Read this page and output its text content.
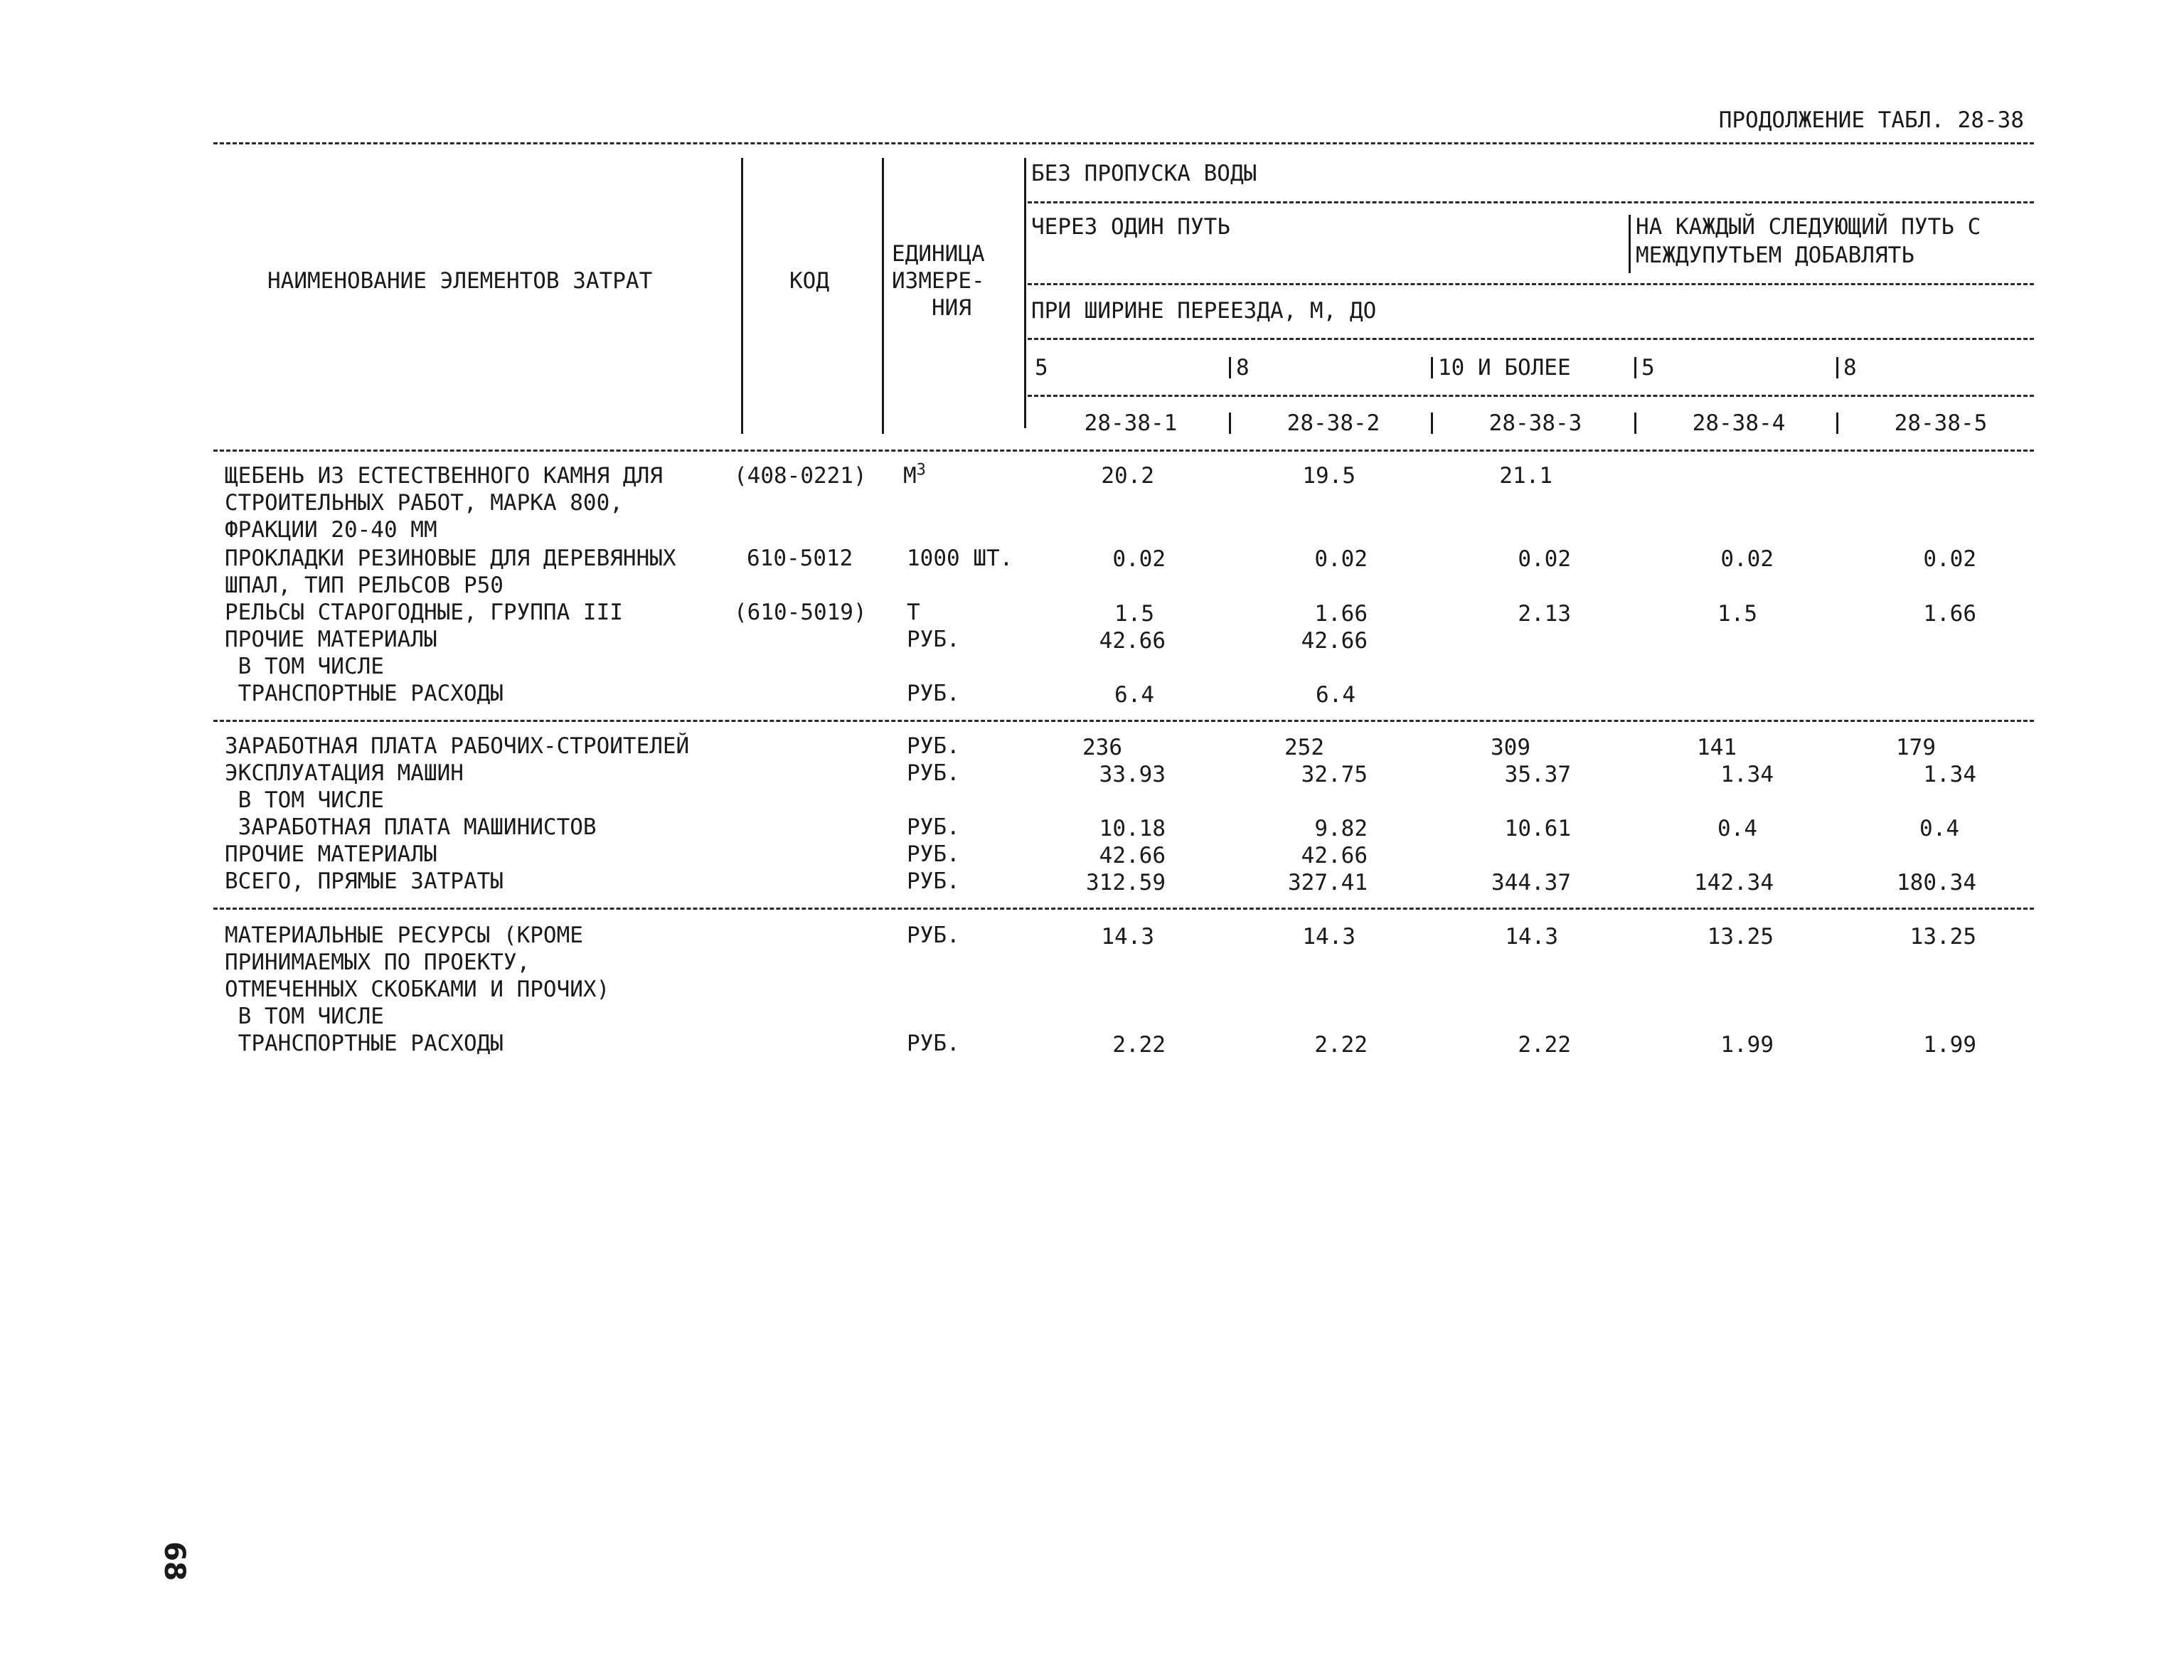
ПРОДОЛЖЕНИЕ ТАБЛ. 28-38
НАИМЕНОВАНИЕ ЭЛЕМЕНТОВ ЗАТРАТ	КОД
ЕДИНИЦА
ИЗМЕРЕ-
НИЯ
БЕЗ ПРОПУСКА ВОДЫ
ЧЕРЕЗ ОДИН ПУТЬ	НА КАЖДЫЙ СЛЕДУЮЩИЙ ПУТЬ С
МЕЖДУПУТЬЕМ ДОБАВЛЯТЬ
ПРИ ШИРИНЕ ПЕРЕЕЗДА, М, ДО
5	8	10 И БОЛЕЕ	5	8
28-38-1	28-38-2	28-38-3	28-38-4	28-38-5
ЩЕБЕНЬ ИЗ ЕСТЕСТВЕННОГО КАМНЯ ДЛЯ
СТРОИТЕЛЬНЫХ РАБОТ, МАРКА 800,
ФРАКЦИИ 20-40 ММ
(408-0221) $М^3$	20.2	19.5	21.1
ПРОКЛАДКИ РЕЗИНОВЫЕ ДЛЯ ДЕРЕВЯННЫХ
ШПАЛ, ТИП РЕЛЬСОВ Р50
610-5012 1000 ШТ.	0.02	0.02	0.02	0.02	0.02
РЕЛЬСЫ СТАРОГОДНЫЕ, ГРУППА III	(610-5019) Т	1.5	1.66	2.13	1.5	1.66
ПРОЧИЕ МАТЕРИАЛЫ	РУБ.	42.66	42.66
В ТОМ ЧИСЛЕ
ТРАНСПОРТНЫЕ РАСХОДЫ	РУБ.	6.4	6.4
ЗАРАБОТНАЯ ПЛАТА РАБОЧИХ-СТРОИТЕЛЕЙ	РУБ.	236	252	309	141	179
ЭКСПЛУАТАЦИЯ МАШИН	РУБ.	33.93	32.75	35.37	1.34	1.34
В ТОМ ЧИСЛЕ
ЗАРАБОТНАЯ ПЛАТА МАШИНИСТОВ	РУБ.	10.18	9.82	10.61	0.4	0.4
ПРОЧИЕ МАТЕРИАЛЫ	РУБ.	42.66	42.66
ВСЕГО, ПРЯМЫЕ ЗАТРАТЫ	РУБ.	312.59	327.41	344.37	142.34	180.34
МАТЕРИАЛЬНЫЕ РЕСУРСЫ (КРОМЕ
ПРИНИМАЕМЫХ ПО ПРОЕКТУ,
ОТМЕЧЕННЫХ СКОБКАМИ И ПРОЧИХ)
РУБ.	14.3	14.3	14.3	13.25	13.25
В ТОМ ЧИСЛЕ
ТРАНСПОРТНЫЕ РАСХОДЫ	РУБ.	2.22	2.22	2.22	1.99	1.99
68
